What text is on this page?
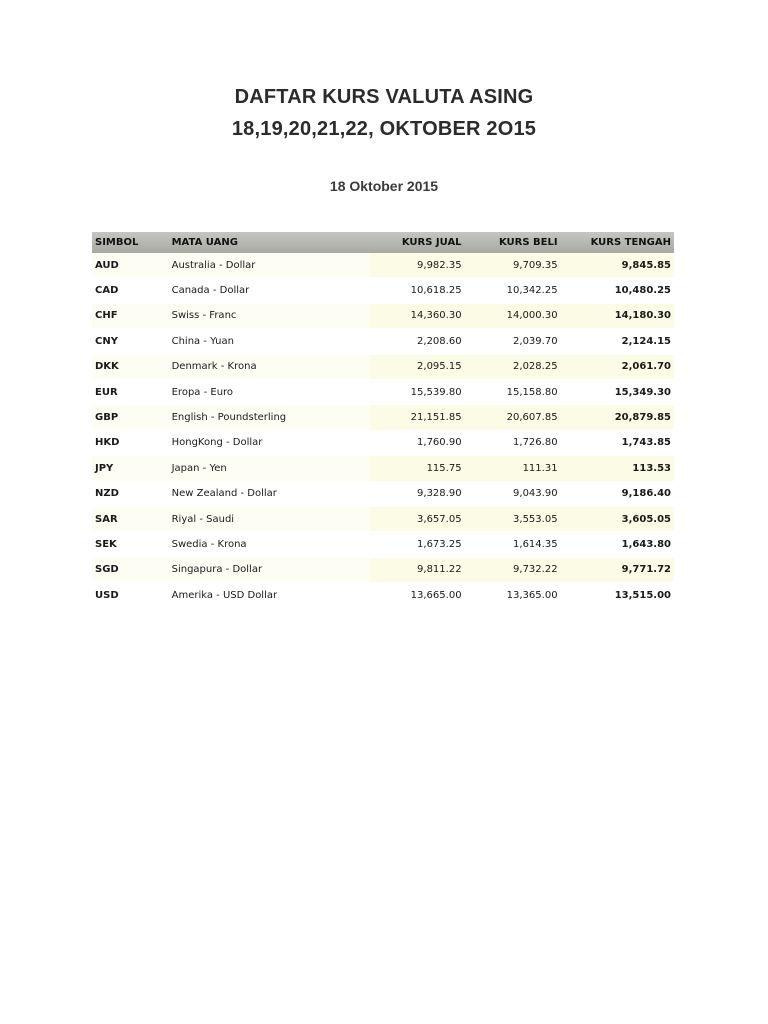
DAFTAR KURS VALUTA ASING
18,19,20,21,22, OKTOBER 2O15
18 Oktober 2015
SIMBOL	MATA UANG	KURS JUAL	KURS BELI	KURS TENGAH
AUD	Australia - Dollar	9,982.35	9,709.35	9,845.85
CAD	Canada - Dollar	10,618.25	10,342.25	10,480.25
CHF	Swiss - Franc	14,360.30	14,000.30	14,180.30
CNY	China - Yuan	2,208.60	2,039.70	2,124.15
DKK	Denmark - Krona	2,095.15	2,028.25	2,061.70
EUR	Eropa - Euro	15,539.80	15,158.80	15,349.30
GBP	English - Poundsterling	21,151.85	20,607.85	20,879.85
HKD	HongKong - Dollar	1,760.90	1,726.80	1,743.85
JPY	Japan - Yen	115.75	111.31	113.53
NZD	New Zealand - Dollar	9,328.90	9,043.90	9,186.40
SAR	Riyal - Saudi	3,657.05	3,553.05	3,605.05
SEK	Swedia - Krona	1,673.25	1,614.35	1,643.80
SGD	Singapura - Dollar	9,811.22	9,732.22	9,771.72
USD	Amerika - USD Dollar	13,665.00	13,365.00	13,515.00
